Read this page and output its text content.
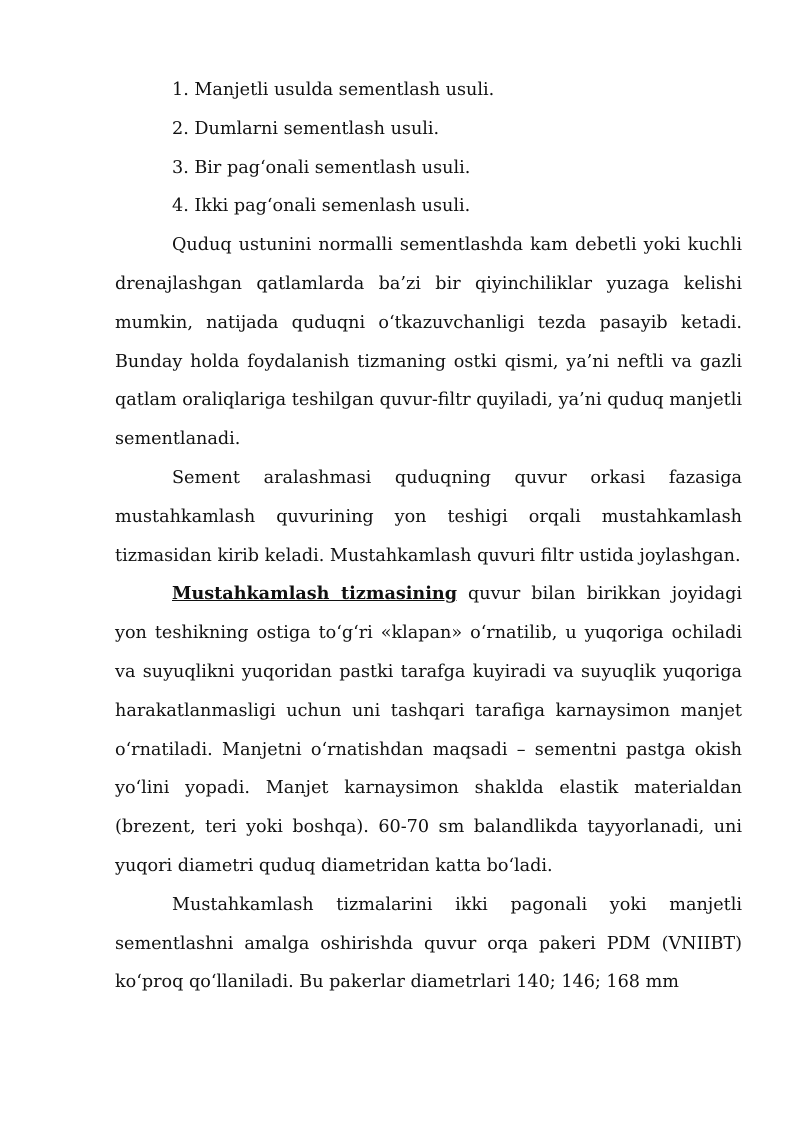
1. Manjetli usulda sementlash usuli.

2. Dumlarni sementlash usuli.

3. Bir pag‘onali sementlash usuli.

4. Ikki pag‘onali semenlash usuli.

Quduq ustunini normalli sementlashda kam debetli yoki kuchli drenajlashgan qatlamlarda ba’zi bir qiyinchiliklar yuzaga kelishi mumkin, natijada quduqni o‘tkazuvchanligi tezda pasayib ketadi. Bunday holda foydalanish tizmaning ostki qismi, ya’ni neftli va gazli qatlam oraliqlariga teshilgan quvur-filtr quyiladi, ya’ni quduq manjetli sementlanadi.

Sement aralashmasi quduqning quvur orkasi fazasiga mustahkamlash quvurining yon teshigi orqali mustahkamlash tizmasidan kirib keladi. Mustahkamlash quvuri filtr ustida joylashgan.

Mustahkamlash tizmasining quvur bilan birikkan joyidagi yon teshikning ostiga to‘g‘ri «klapan» o‘rnatilib, u yuqoriga ochiladi va suyuqlikni yuqoridan pastki tarafga kuyiradi va suyuqlik yuqoriga harakatlanmasligi uchun uni tashqari tarafiga karnaysimon manjet o‘rnatiladi. Manjetni o‘rnatishdan maqsadi – sementni pastga okish yo‘lini yopadi. Manjet karnaysimon shaklda elastik materialdan (brezent, teri yoki boshqa). 60-70 sm balandlikda tayyorlanadi, uni yuqori diametri quduq diametridan katta bo‘ladi.

Mustahkamlash tizmalarini ikki pagonali yoki manjetli sementlashni amalga oshirishda quvur orqa pakeri PDM (VNIIBT) ko‘proq qo‘llaniladi. Bu pakerlar diametrlari 140; 146; 168 mm
